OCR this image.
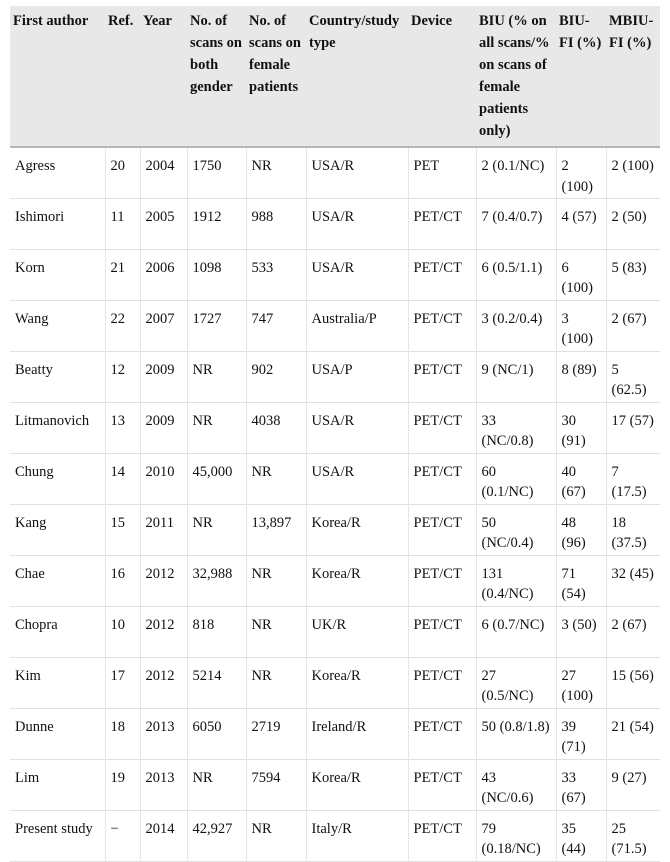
First author	Ref.	Year	No. of scans on both gender	No. of scans on female patients	Country/study type	Device	BIU (% on all scans/% on scans of female patients only)	BIU-FI (%)	MBIU-FI (%)
Agress	20	2004	1750	NR	USA/R	PET	2 (0.1/NC)	2 (100)	2 (100)
Ishimori	11	2005	1912	988	USA/R	PET/CT	7 (0.4/0.7)	4 (57)	2 (50)
Korn	21	2006	1098	533	USA/R	PET/CT	6 (0.5/1.1)	6 (100)	5 (83)
Wang	22	2007	1727	747	Australia/P	PET/CT	3 (0.2/0.4)	3 (100)	2 (67)
Beatty	12	2009	NR	902	USA/P	PET/CT	9 (NC/1)	8 (89)	5 (62.5)
Litmanovich	13	2009	NR	4038	USA/R	PET/CT	33 (NC/0.8)	30 (91)	17 (57)
Chung	14	2010	45,000	NR	USA/R	PET/CT	60 (0.1/NC)	40 (67)	7 (17.5)
Kang	15	2011	NR	13,897	Korea/R	PET/CT	50 (NC/0.4)	48 (96)	18 (37.5)
Chae	16	2012	32,988	NR	Korea/R	PET/CT	131 (0.4/NC)	71 (54)	32 (45)
Chopra	10	2012	818	NR	UK/R	PET/CT	6 (0.7/NC)	3 (50)	2 (67)
Kim	17	2012	5214	NR	Korea/R	PET/CT	27 (0.5/NC)	27 (100)	15 (56)
Dunne	18	2013	6050	2719	Ireland/R	PET/CT	50 (0.8/1.8)	39 (71)	21 (54)
Lim	19	2013	NR	7594	Korea/R	PET/CT	43 (NC/0.6)	33 (67)	9 (27)
Present study	−	2014	42,927	NR	Italy/R	PET/CT	79 (0.18/NC)	35 (44)	25 (71.5)
